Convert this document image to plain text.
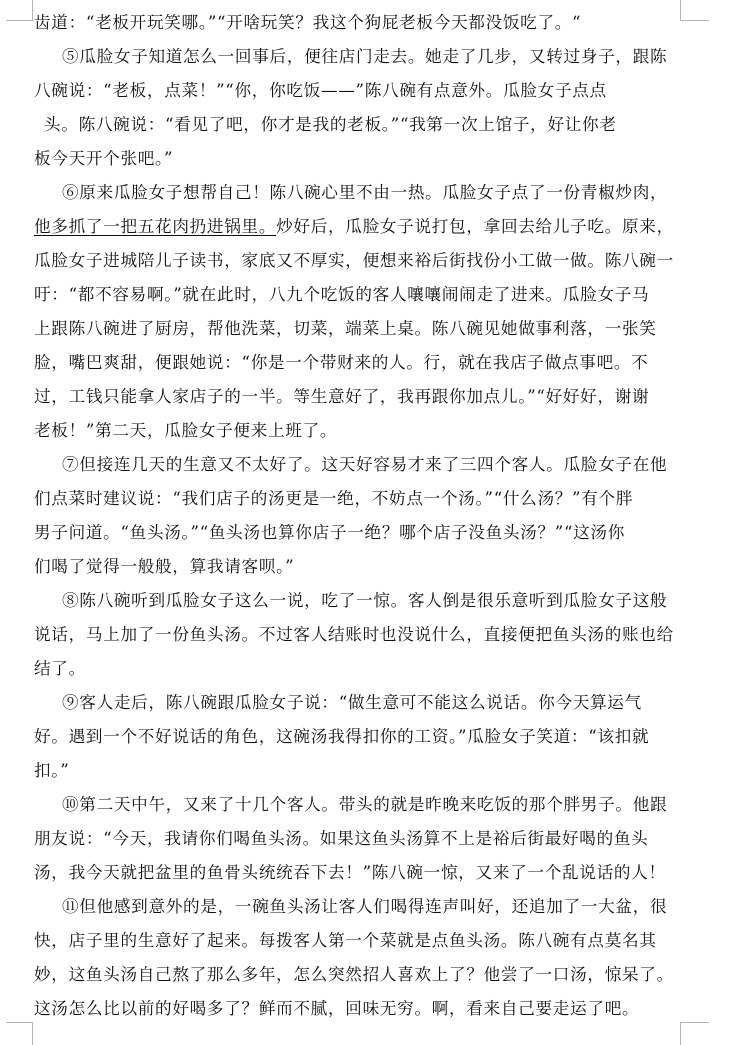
齿道：“老板开玩笑哪。”“开啥玩笑？我这个狗屁老板今天都没饭吃了。“
⑤瓜脸女子知道怎么一回事后，便往店门走去。她走了几步，又转过身子，跟陈
八碗说：“老板，点菜！”“你，你吃饭——”陈八碗有点意外。瓜脸女子点点
头。陈八碗说：“看见了吧，你才是我的老板。”“我第一次上馆子，好让你老
板今天开个张吧。”
⑥原来瓜脸女子想帮自己！陈八碗心里不由一热。瓜脸女子点了一份青椒炒肉，
他多抓了一把五花肉扔进锅里。炒好后，瓜脸女子说打包，拿回去给儿子吃。原来，
瓜脸女子进城陪儿子读书，家底又不厚实，便想来裕后街找份小工做一做。陈八碗一
吁：“都不容易啊。”就在此时，八九个吃饭的客人嚷嚷闹闹走了进来。瓜脸女子马
上跟陈八碗进了厨房，帮他洗菜，切菜，端菜上桌。陈八碗见她做事利落，一张笑
脸，嘴巴爽甜，便跟她说：“你是一个带财来的人。行，就在我店子做点事吧。不
过，工钱只能拿人家店子的一半。等生意好了，我再跟你加点儿。”“好好好，谢谢
老板！”第二天，瓜脸女子便来上班了。
⑦但接连几天的生意又不太好了。这天好容易才来了三四个客人。瓜脸女子在他
们点菜时建议说：“我们店子的汤更是一绝，不妨点一个汤。”“什么汤？”有个胖
男子问道。“鱼头汤。”“鱼头汤也算你店子一绝？哪个店子没鱼头汤？”“这汤你
们喝了觉得一般般，算我请客呗。”
⑧陈八碗听到瓜脸女子这么一说，吃了一惊。客人倒是很乐意听到瓜脸女子这般
说话，马上加了一份鱼头汤。不过客人结账时也没说什么，直接便把鱼头汤的账也给
结了。
⑨客人走后，陈八碗跟瓜脸女子说：“做生意可不能这么说话。你今天算运气
好。遇到一个不好说话的角色，这碗汤我得扣你的工资。”瓜脸女子笑道：“该扣就
扣。”
⑩第二天中午，又来了十几个客人。带头的就是昨晚来吃饭的那个胖男子。他跟
朋友说：“今天，我请你们喝鱼头汤。如果这鱼头汤算不上是裕后街最好喝的鱼头
汤，我今天就把盆里的鱼骨头统统吞下去！”陈八碗一惊，又来了一个乱说话的人！
⑪但他感到意外的是，一碗鱼头汤让客人们喝得连声叫好，还追加了一大盆，很
快，店子里的生意好了起来。每拨客人第一个菜就是点鱼头汤。陈八碗有点莫名其
妙，这鱼头汤自己熬了那么多年，怎么突然招人喜欢上了？他尝了一口汤，惊呆了。
这汤怎么比以前的好喝多了？鲜而不腻，回味无穷。啊，看来自己要走运了吧。
